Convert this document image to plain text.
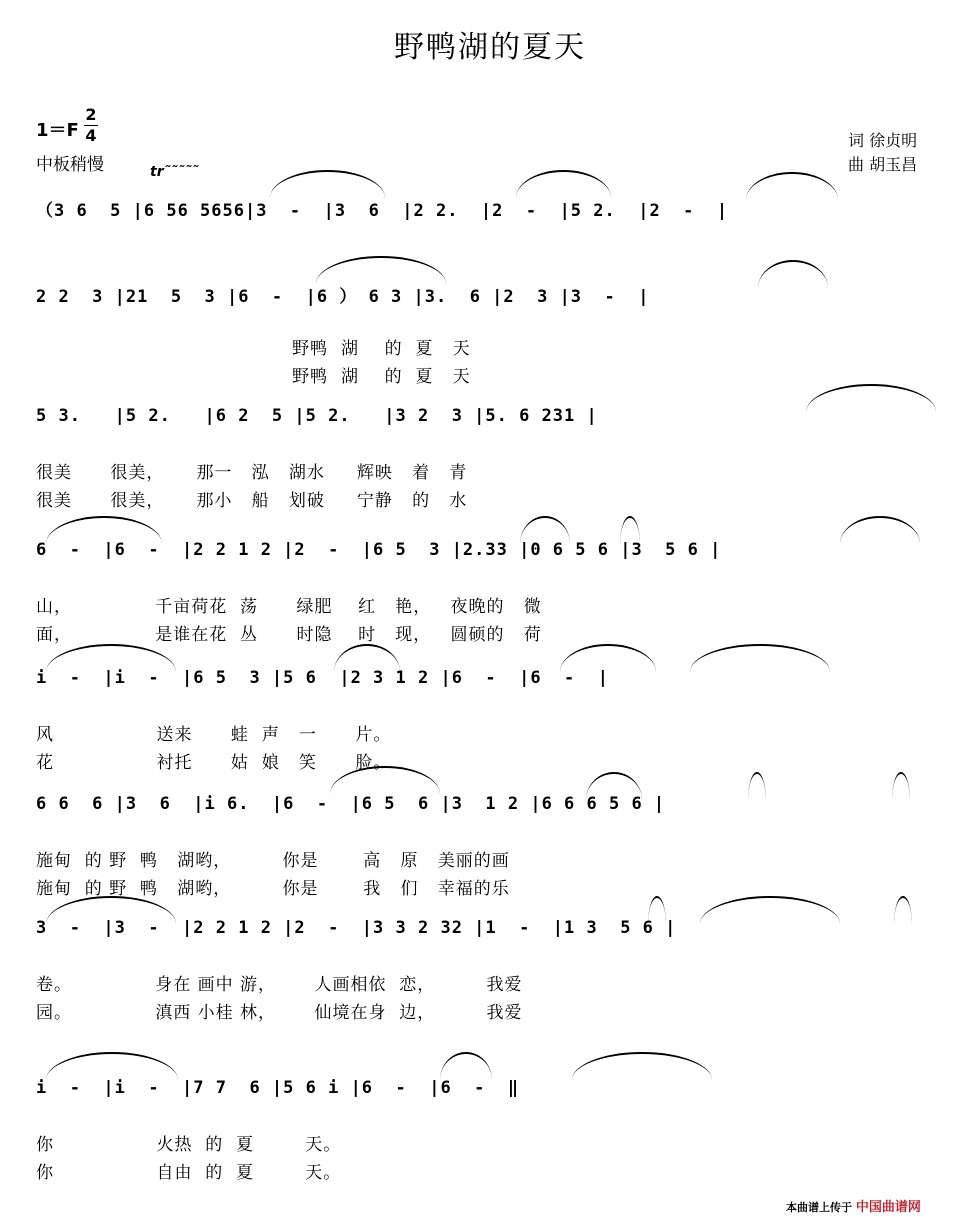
野鸭湖的夏天
1＝F
2
4
中板稍慢
词 徐贞明
曲 胡玉昌
tr˜˜˜˜˜
（3 6  5 |6 56 5656|3  -  |3  6  |2 2.  |2  -  |5 2.  |2  -  |
2 2  3 |21  5  3 |6  -  |6 ） 6 3 |3.  6 |2  3 |3  -  |
野鸭  湖    的  夏   天
野鸭  湖    的  夏   天
5 3.   |5 2.   |6 2  5 |5 2.   |3 2  3 |5. 6 231 |
很美      很美，     那一   泓   湖水     辉映   着   青
很美      很美，     那小   船   划破     宁静   的   水
6  -  |6  -  |2 2 1 2 |2  -  |6 5  3 |2.33 |0 6 5 6 |3  5 6 |
山，             千亩荷花  荡      绿肥    红   艳，   夜晚的   微
面，             是谁在花  丛      时隐    时   现，   圆硕的   荷
i  -  |i  -  |6 5  3 |5 6  |2 3 1 2 |6  -  |6  -  |
风                送来      蛙  声   一      片。
花                衬托      姑  娘   笑      脸。
6 6  6 |3  6  |i 6.  |6  -  |6 5  6 |3  1 2 |6 6 6 5 6 |
施甸  的 野  鸭   湖哟，        你是       高   原   美丽的画
施甸  的 野  鸭   湖哟，        你是       我   们   幸福的乐
3  -  |3  -  |2 2 1 2 |2  -  |3 3 2 32 |1  -  |1 3  5 6 |
卷。             身在 画中 游，      人画相依  恋，        我爱
园。             滇西 小桂 林，      仙境在身  边，        我爱
i  -  |i  -  |7 7  6 |5 6 i |6  -  |6  -  ‖
你                火热  的  夏        天。
你                自由  的  夏        天。
本曲谱上传于 中国曲谱网
